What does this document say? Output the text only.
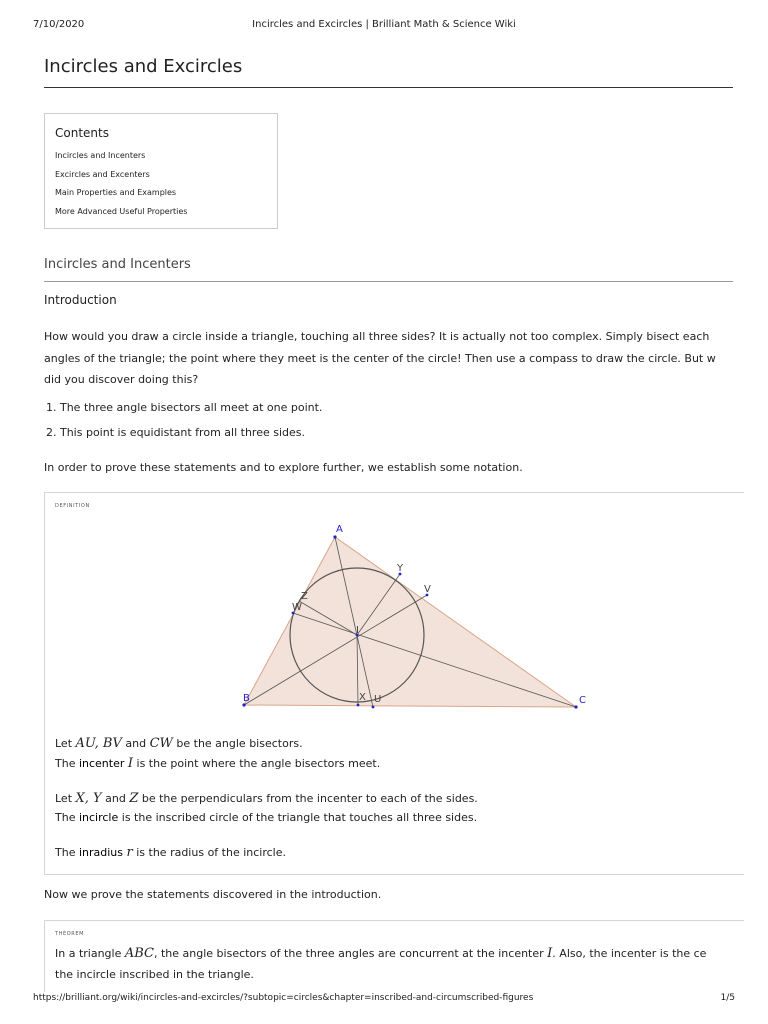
7/10/2020	Incircles and Excircles | Brilliant Math & Science Wiki
Incircles and Excircles
Contents
Incircles and Incenters
Excircles and Excenters
Main Properties and Examples
More Advanced Useful Properties
Incircles and Incenters
Introduction
How would you draw a circle inside a triangle, touching all three sides? It is actually not too complex. Simply bisect each
angles of the triangle; the point where they meet is the center of the circle! Then use a compass to draw the circle. But w
did you discover doing this?
1. The three angle bisectors all meet at one point.
2. This point is equidistant from all three sides.
In order to prove these statements and to explore further, we establish some notation.
DEFINITION
A
B	C
X U
Y
V
Z
W
I
Let AU, BV and CW be the angle bisectors.
The incenter I is the point where the angle bisectors meet.
Let X, Y and Z be the perpendiculars from the incenter to each of the sides.
The incircle is the inscribed circle of the triangle that touches all three sides.
The inradius r is the radius of the incircle.
Now we prove the statements discovered in the introduction.
THEOREM
In a triangle ABC, the angle bisectors of the three angles are concurrent at the incenter I. Also, the incenter is the ce
the incircle inscribed in the triangle.
https://brilliant.org/wiki/incircles-and-excircles/?subtopic=circles&chapter=inscribed-and-circumscribed-figures	1/5
